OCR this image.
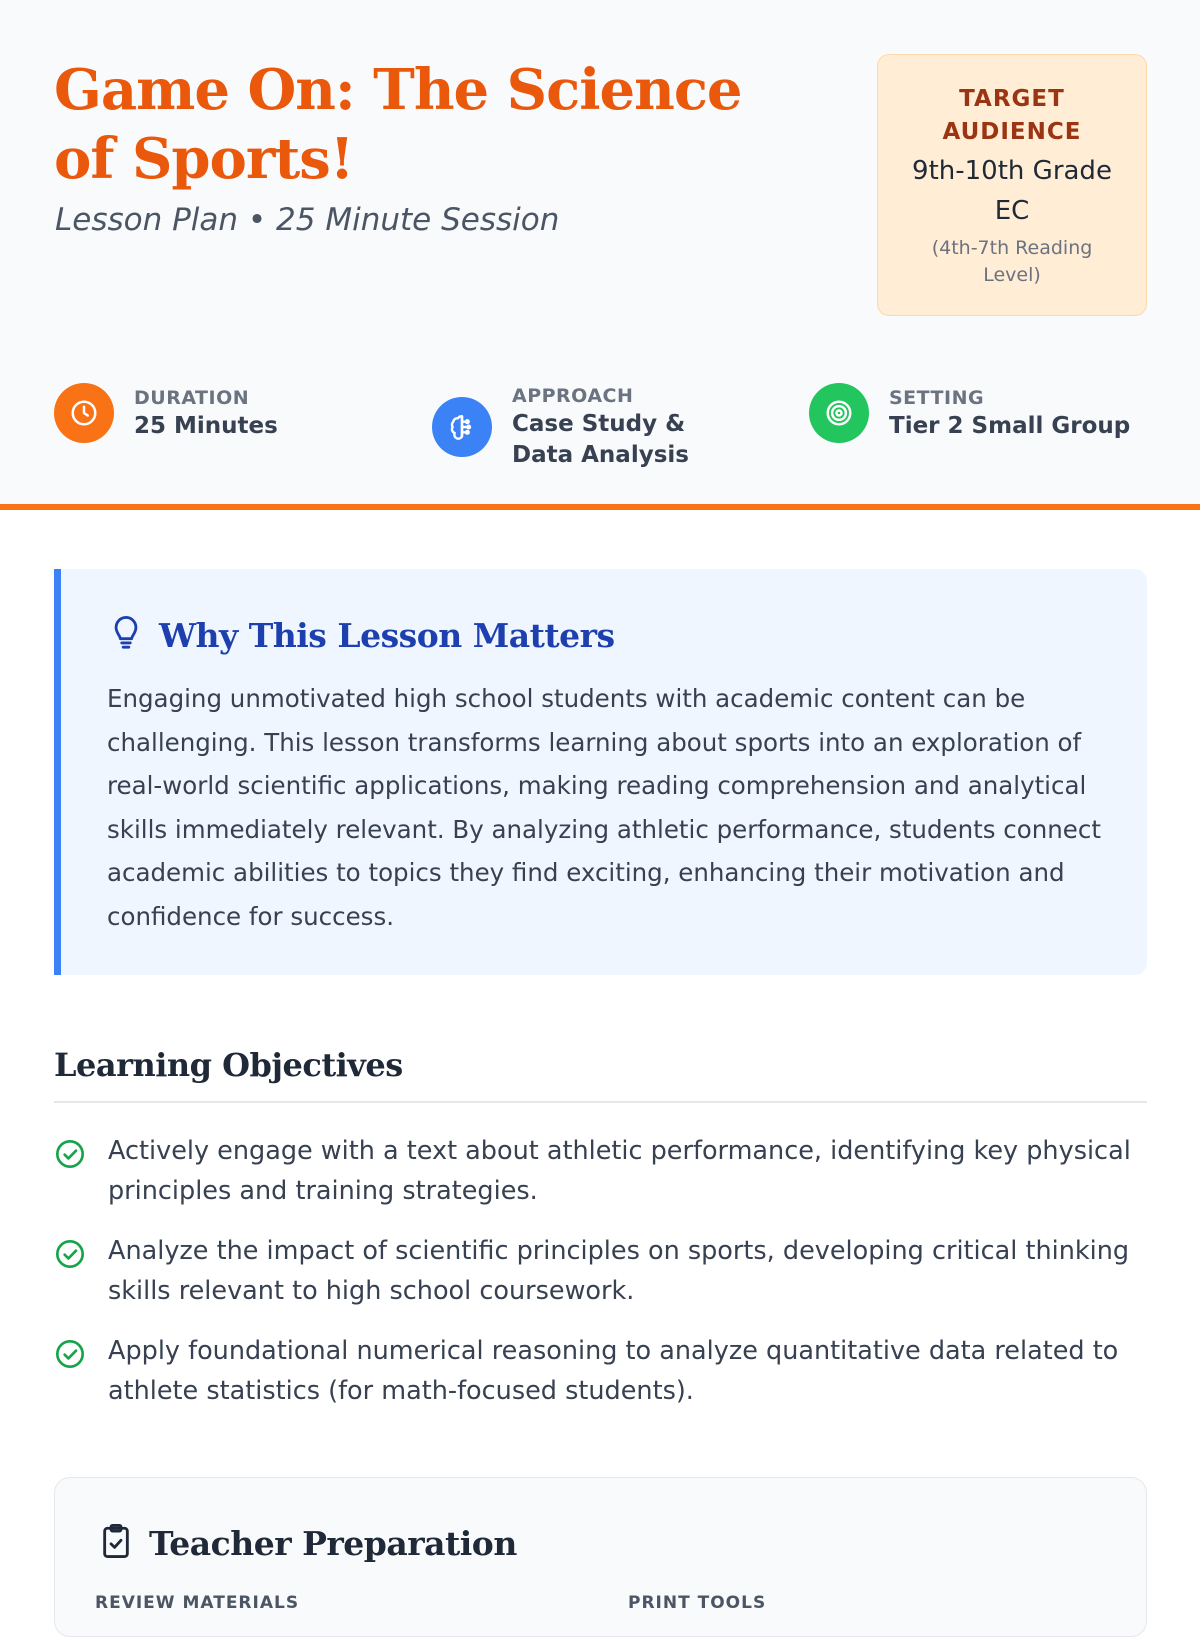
Game On: The Science of Sports!
Lesson Plan • 25 Minute Session
TARGET AUDIENCE
9th-10th Grade EC
(4th-7th Reading Level)
DURATION
25 Minutes
APPROACH
Case Study & Data Analysis
SETTING
Tier 2 Small Group
Why This Lesson Matters

Engaging unmotivated high school students with academic content can be challenging. This lesson transforms learning about sports into an exploration of real-world scientific applications, making reading comprehension and analytical skills immediately relevant. By analyzing athletic performance, students connect academic abilities to topics they find exciting, enhancing their motivation and confidence for success.

Learning Objectives
Actively engage with a text about athletic performance, identifying key physical principles and training strategies.
Analyze the impact of scientific principles on sports, developing critical thinking skills relevant to high school coursework.
Apply foundational numerical reasoning to analyze quantitative data related to athlete statistics (for math-focused students).
Teacher Preparation
REVIEW MATERIALS	PRINT TOOLS
